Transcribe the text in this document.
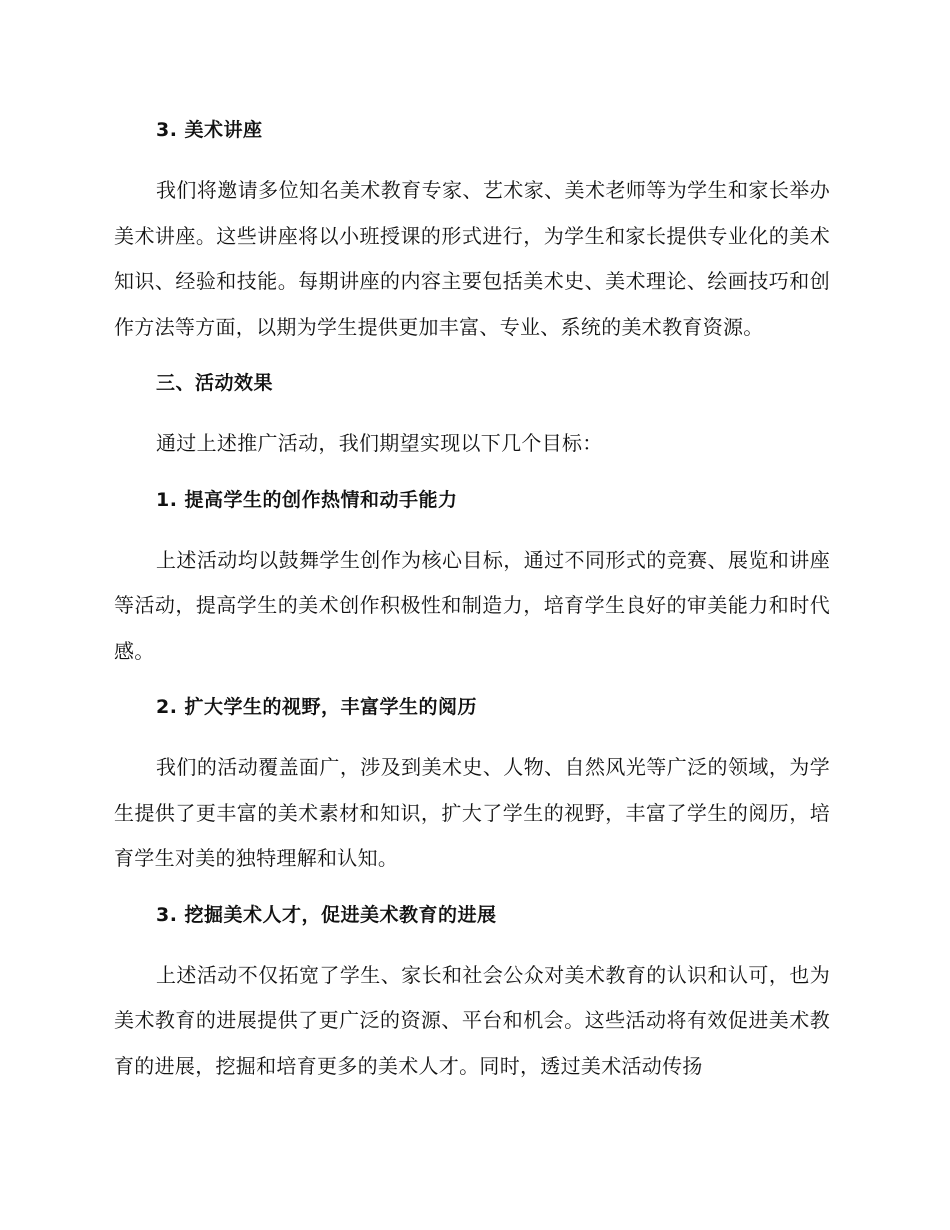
3. 美术讲座
我们将邀请多位知名美术教育专家、艺术家、美术老师等为学生和家长举办美术讲座。这些讲座将以小班授课的形式进行，为学生和家长提供专业化的美术知识、经验和技能。每期讲座的内容主要包括美术史、美术理论、绘画技巧和创作方法等方面，以期为学生提供更加丰富、专业、系统的美术教育资源。
三、活动效果
通过上述推广活动，我们期望实现以下几个目标：
1. 提高学生的创作热情和动手能力
上述活动均以鼓舞学生创作为核心目标，通过不同形式的竞赛、展览和讲座等活动，提高学生的美术创作积极性和制造力，培育学生良好的审美能力和时代感。
2. 扩大学生的视野，丰富学生的阅历
我们的活动覆盖面广，涉及到美术史、人物、自然风光等广泛的领域，为学生提供了更丰富的美术素材和知识，扩大了学生的视野，丰富了学生的阅历，培育学生对美的独特理解和认知。
3. 挖掘美术人才，促进美术教育的进展
上述活动不仅拓宽了学生、家长和社会公众对美术教育的认识和认可，也为美术教育的进展提供了更广泛的资源、平台和机会。这些活动将有效促进美术教育的进展，挖掘和培育更多的美术人才。同时，透过美术活动传扬
